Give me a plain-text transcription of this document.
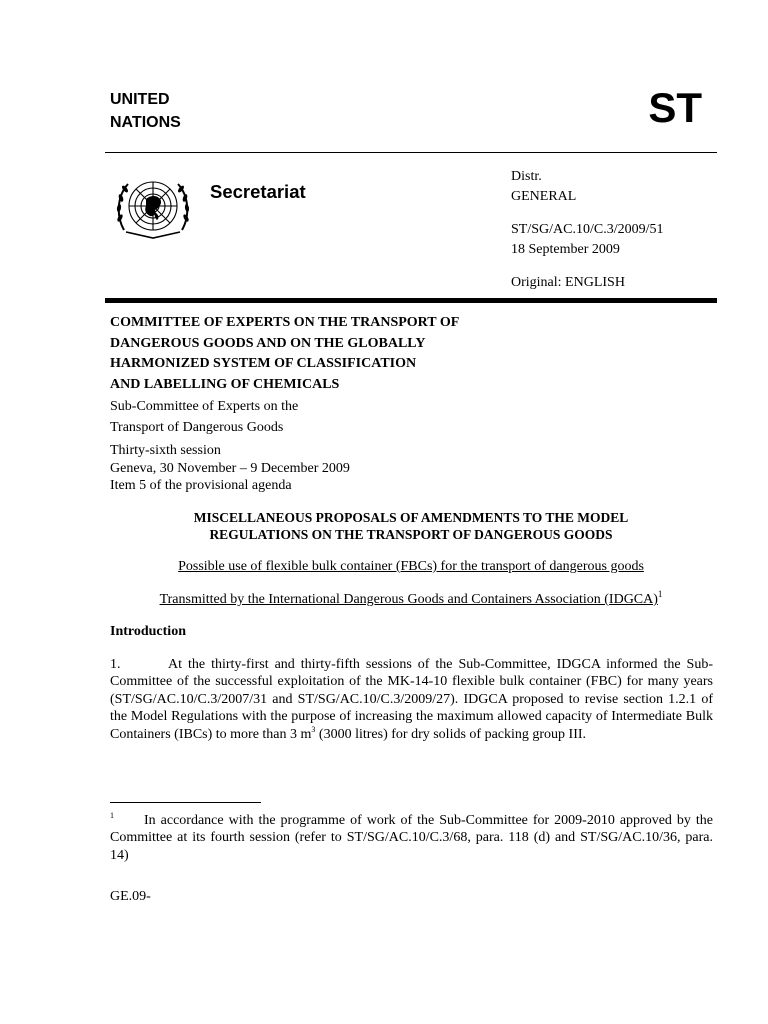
UNITED
NATIONS	ST
Secretariat
Distr.
GENERAL
ST/SG/AC.10/C.3/2009/51
18 September 2009
Original: ENGLISH
COMMITTEE OF EXPERTS ON THE TRANSPORT OF
DANGEROUS GOODS AND ON THE GLOBALLY
HARMONIZED SYSTEM OF CLASSIFICATION
AND LABELLING OF CHEMICALS
Sub-Committee of Experts on the
Transport of Dangerous Goods
Thirty-sixth session
Geneva, 30 November – 9 December 2009
Item 5 of the provisional agenda
MISCELLANEOUS PROPOSALS OF AMENDMENTS TO THE MODEL
REGULATIONS ON THE TRANSPORT OF DANGEROUS GOODS
Possible use of flexible bulk container (FBCs) for the transport of dangerous goods
Transmitted by the International Dangerous Goods and Containers Association (IDGCA)$^1$
Introduction
1.	At the thirty-first and thirty-fifth sessions of the Sub-Committee, IDGCA informed the Sub-Committee of the successful exploitation of the MK-14-10 flexible bulk container (FBC) for many years (ST/SG/AC.10/C.3/2007/31 and ST/SG/AC.10/C.3/2009/27). IDGCA proposed to revise section 1.2.1 of the Model Regulations with the purpose of increasing the maximum allowed capacity of Intermediate Bulk Containers (IBCs) to more than 3 $m^3$ (3000 litres) for dry solids of packing group III.
1 In accordance with the programme of work of the Sub-Committee for 2009-2010 approved by the Committee at its fourth session (refer to ST/SG/AC.10/C.3/68, para. 118 (d) and ST/SG/AC.10/36, para. 14)
GE.09-
